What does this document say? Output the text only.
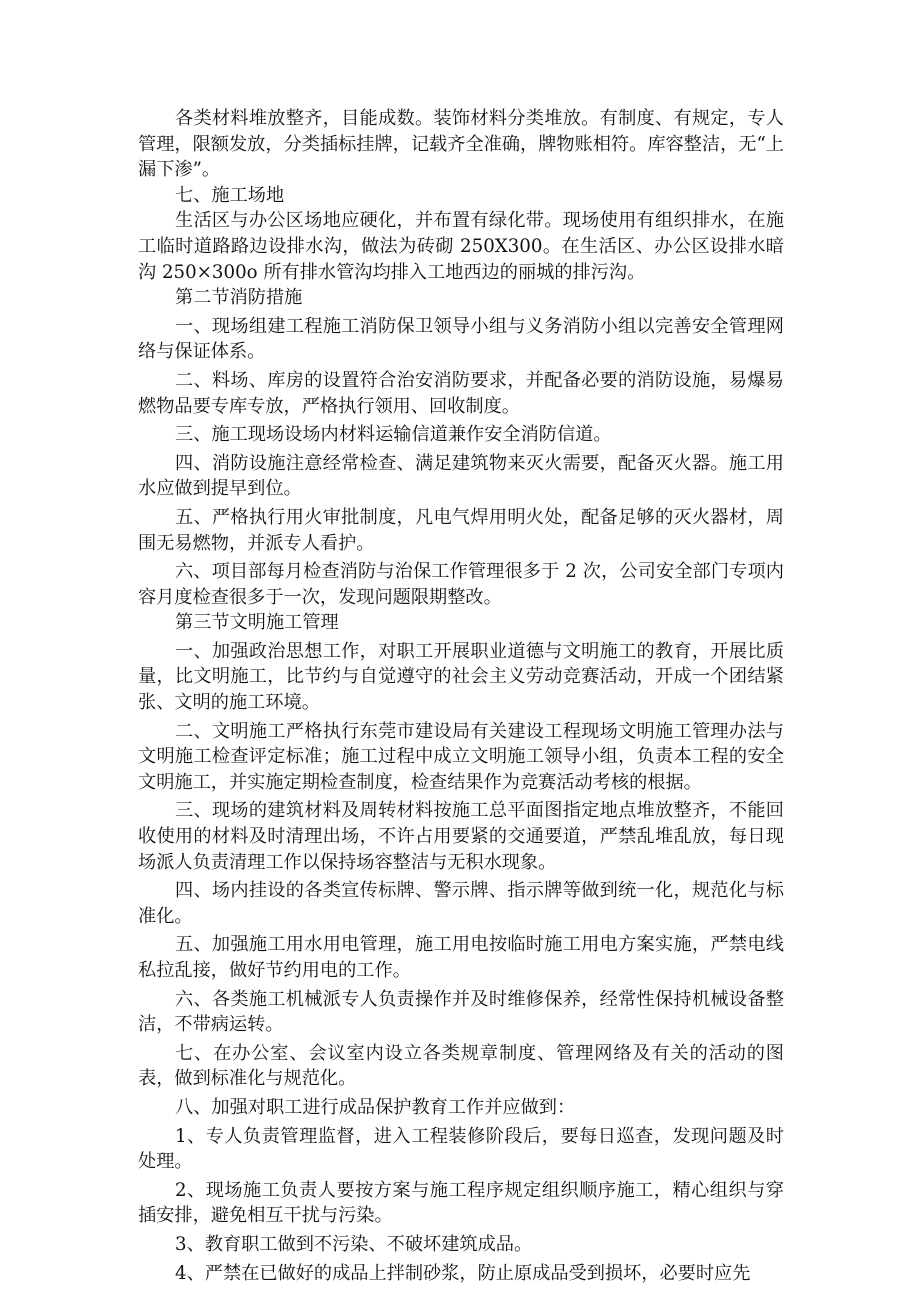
各类材料堆放整齐，目能成数。装饰材料分类堆放。有制度、有规定，专人管理，限额发放，分类插标挂牌，记载齐全准确，牌物账相符。库容整洁，无“上漏下渗”。

七、施工场地

生活区与办公区场地应硬化，并布置有绿化带。现场使用有组织排水，在施工临时道路路边设排水沟，做法为砖砌 250X300。在生活区、办公区设排水暗沟 250×300o 所有排水管沟均排入工地西边的丽城的排污沟。

第二节消防措施

一、现场组建工程施工消防保卫领导小组与义务消防小组以完善安全管理网络与保证体系。

二、料场、库房的设置符合治安消防要求，并配备必要的消防设施，易爆易燃物品要专库专放，严格执行领用、回收制度。

三、施工现场设场内材料运输信道兼作安全消防信道。

四、消防设施注意经常检查、满足建筑物来灭火需要，配备灭火器。施工用水应做到提早到位。

五、严格执行用火审批制度，凡电气焊用明火处，配备足够的灭火器材，周围无易燃物，并派专人看护。

六、项目部每月检查消防与治保工作管理很多于 2 次，公司安全部门专项内容月度检查很多于一次，发现问题限期整改。

第三节文明施工管理

一、加强政治思想工作，对职工开展职业道德与文明施工的教育，开展比质量，比文明施工，比节约与自觉遵守的社会主义劳动竞赛活动，开成一个团结紧张、文明的施工环境。

二、文明施工严格执行东莞市建设局有关建设工程现场文明施工管理办法与文明施工检查评定标准；施工过程中成立文明施工领导小组，负责本工程的安全文明施工，并实施定期检查制度，检查结果作为竞赛活动考核的根据。

三、现场的建筑材料及周转材料按施工总平面图指定地点堆放整齐，不能回收使用的材料及时清理出场，不许占用要紧的交通要道，严禁乱堆乱放，每日现场派人负责清理工作以保持场容整洁与无积水现象。

四、场内挂设的各类宣传标牌、警示牌、指示牌等做到统一化，规范化与标准化。

五、加强施工用水用电管理，施工用电按临时施工用电方案实施，严禁电线私拉乱接，做好节约用电的工作。

六、各类施工机械派专人负责操作并及时维修保养，经常性保持机械设备整洁，不带病运转。

七、在办公室、会议室内设立各类规章制度、管理网络及有关的活动的图表，做到标准化与规范化。

八、加强对职工进行成品保护教育工作并应做到：

1、专人负责管理监督，进入工程装修阶段后，要每日巡查，发现问题及时处理。

2、现场施工负责人要按方案与施工程序规定组织顺序施工，精心组织与穿插安排，避免相互干扰与污染。

3、教育职工做到不污染、不破坏建筑成品。

4、严禁在已做好的成品上拌制砂浆，防止原成品受到损坏，必要时应先
